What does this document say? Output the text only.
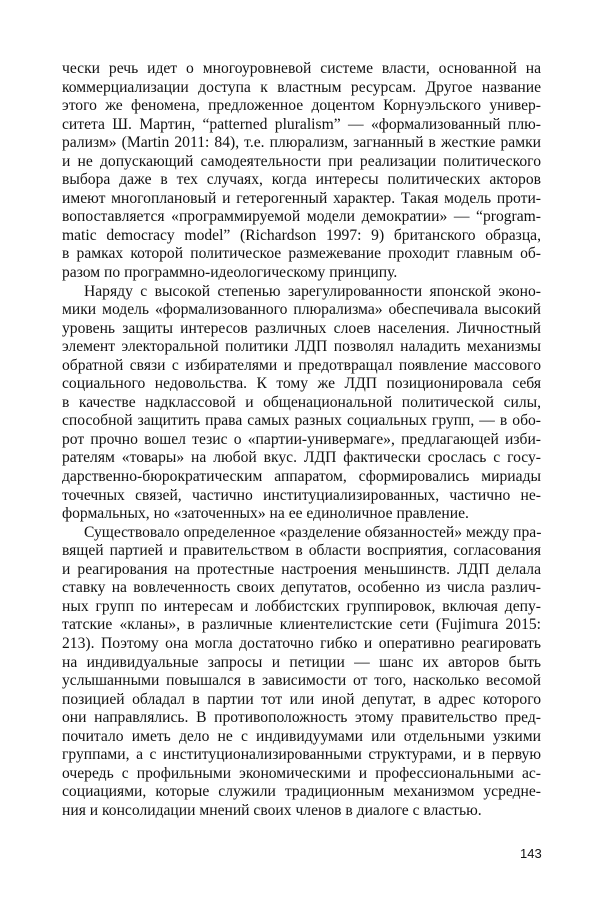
чески речь идет о многоуровневой системе власти, основанной на
коммерциализации доступа к властным ресурсам. Другое название
этого же феномена, предложенное доцентом Корнуэльского универ-
ситета Ш. Мартин, “patterned pluralism” — «формализованный плю-
рализм» (Martin 2011: 84), т.е. плюрализм, загнанный в жесткие рамки
и не допускающий самодеятельности при реализации политического
выбора даже в тех случаях, когда интересы политических акторов
имеют многоплановый и гетерогенный характер. Такая модель проти-
вопоставляется «программируемой модели демократии» — “program-
matic democracy model” (Richardson 1997: 9) британского образца,
в рамках которой политическое размежевание проходит главным об-
разом по программно-идеологическому принципу.
Наряду с высокой степенью зарегулированности японской эконо-
мики модель «формализованного плюрализма» обеспечивала высокий
уровень защиты интересов различных слоев населения. Личностный
элемент электоральной политики ЛДП позволял наладить механизмы
обратной связи с избирателями и предотвращал появление массового
социального недовольства. К тому же ЛДП позиционировала себя
в качестве надклассовой и общенациональной политической силы,
способной защитить права самых разных социальных групп, — в обо-
рот прочно вошел тезис о «партии-универмаге», предлагающей изби-
рателям «товары» на любой вкус. ЛДП фактически срослась с госу-
дарственно-бюрократическим аппаратом, сформировались мириады
точечных связей, частично институциализированных, частично не-
формальных, но «заточенных» на ее единоличное правление.
Существовало определенное «разделение обязанностей» между пра-
вящей партией и правительством в области восприятия, согласования
и реагирования на протестные настроения меньшинств. ЛДП делала
ставку на вовлеченность своих депутатов, особенно из числа различ-
ных групп по интересам и лоббистских группировок, включая депу-
татские «кланы», в различные клиентелистские сети (Fujimura 2015:
213). Поэтому она могла достаточно гибко и оперативно реагировать
на индивидуальные запросы и петиции — шанс их авторов быть
услышанными повышался в зависимости от того, насколько весомой
позицией обладал в партии тот или иной депутат, в адрес которого
они направлялись. В противоположность этому правительство пред-
почитало иметь дело не с индивидуумами или отдельными узкими
группами, а с институционализированными структурами, и в первую
очередь с профильными экономическими и профессиональными ас-
социациями, которые служили традиционным механизмом усредне-
ния и консолидации мнений своих членов в диалоге с властью.
143
